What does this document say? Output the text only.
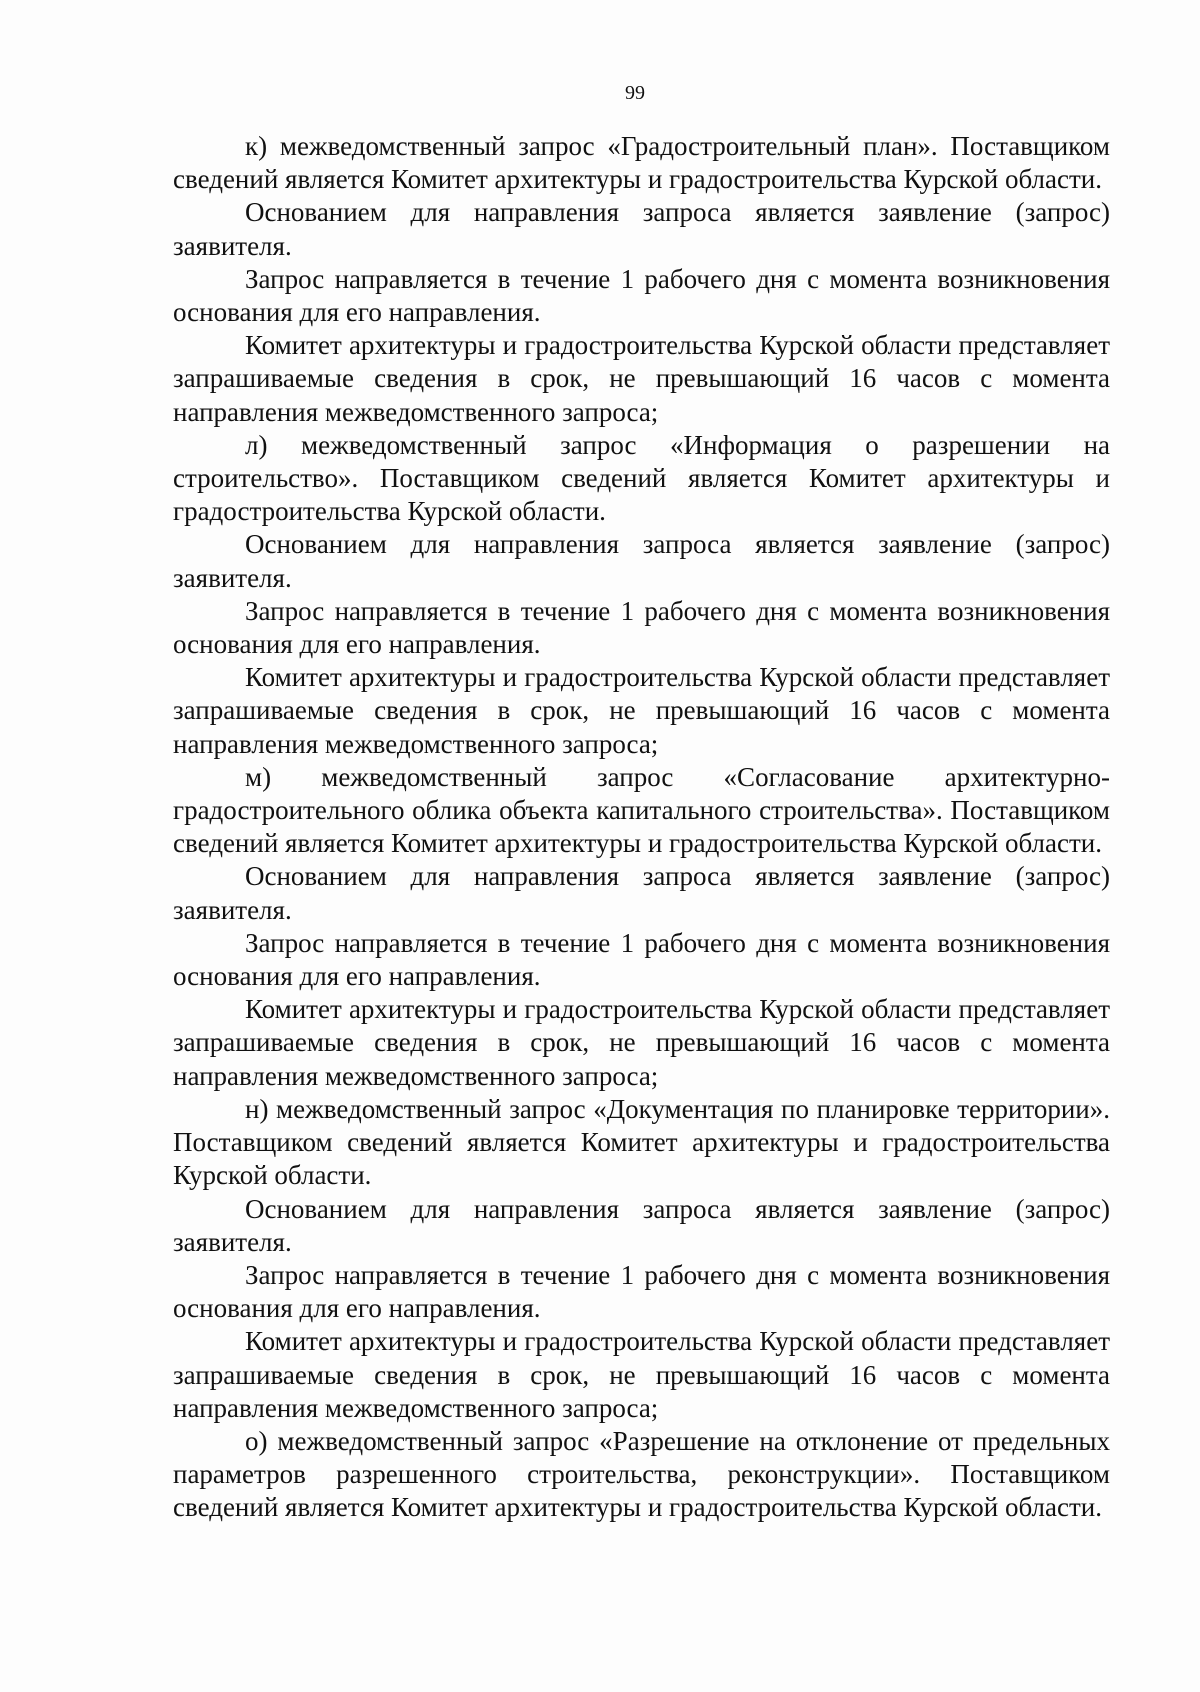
99

к) межведомственный запрос «Градостроительный план». Поставщиком сведений является Комитет архитектуры и градостроительства Курской области.

Основанием для направления запроса является заявление (запрос) заявителя.

Запрос направляется в течение 1 рабочего дня с момента возникновения основания для его направления.

Комитет архитектуры и градостроительства Курской области представляет запрашиваемые сведения в срок, не превышающий 16 часов с момента направления межведомственного запроса;

л) межведомственный запрос «Информация о разрешении на строительство». Поставщиком сведений является Комитет архитектуры и градостроительства Курской области.

Основанием для направления запроса является заявление (запрос) заявителя.

Запрос направляется в течение 1 рабочего дня с момента возникновения основания для его направления.

Комитет архитектуры и градостроительства Курской области представляет запрашиваемые сведения в срок, не превышающий 16 часов с момента направления межведомственного запроса;

м) межведомственный запрос «Согласование архитектурно-градостроительного облика объекта капитального строительства». Поставщиком сведений является Комитет архитектуры и градостроительства Курской области.

Основанием для направления запроса является заявление (запрос) заявителя.

Запрос направляется в течение 1 рабочего дня с момента возникновения основания для его направления.

Комитет архитектуры и градостроительства Курской области представляет запрашиваемые сведения в срок, не превышающий 16 часов с момента направления межведомственного запроса;

н) межведомственный запрос «Документация по планировке территории». Поставщиком сведений является Комитет архитектуры и градостроительства Курской области.

Основанием для направления запроса является заявление (запрос) заявителя.

Запрос направляется в течение 1 рабочего дня с момента возникновения основания для его направления.

Комитет архитектуры и градостроительства Курской области представляет запрашиваемые сведения в срок, не превышающий 16 часов с момента направления межведомственного запроса;

о) межведомственный запрос «Разрешение на отклонение от предельных параметров разрешенного строительства, реконструкции». Поставщиком сведений является Комитет архитектуры и градостроительства Курской области.
